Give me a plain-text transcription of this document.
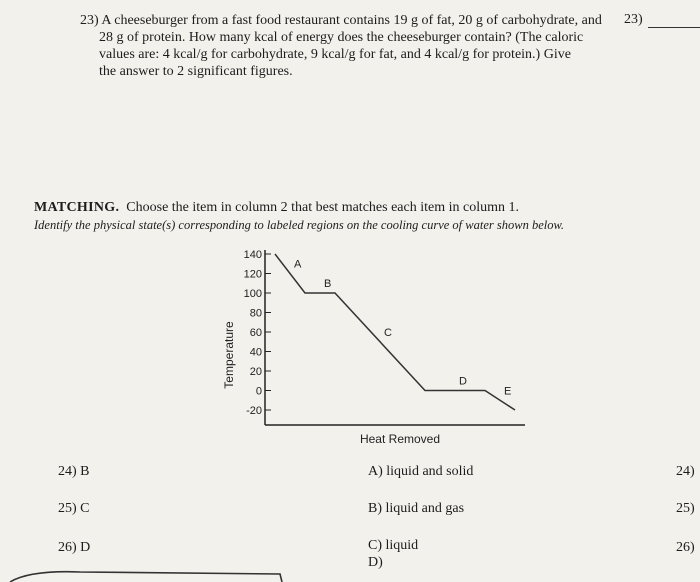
23) A cheeseburger from a fast food restaurant contains 19 g of fat, 20 g of carbohydrate, and
28 g of protein. How many kcal of energy does the cheeseburger contain? (The caloric
values are: 4 kcal/g for carbohydrate, 9 kcal/g for fat, and 4 kcal/g for protein.) Give
the answer to 2 significant figures.
23)
MATCHING. Choose the item in column 2 that best matches each item in column 1.
Identify the physical state(s) corresponding to labeled regions on the cooling curve of water shown below.
Temperature
Heat Removed
140
120
100
80
60
40
20
0
-20
A
B
C
D
E
24) B
25) C
26) D
A) liquid and solid
B) liquid and gas
C) liquid
D)
24)
25)
26)
